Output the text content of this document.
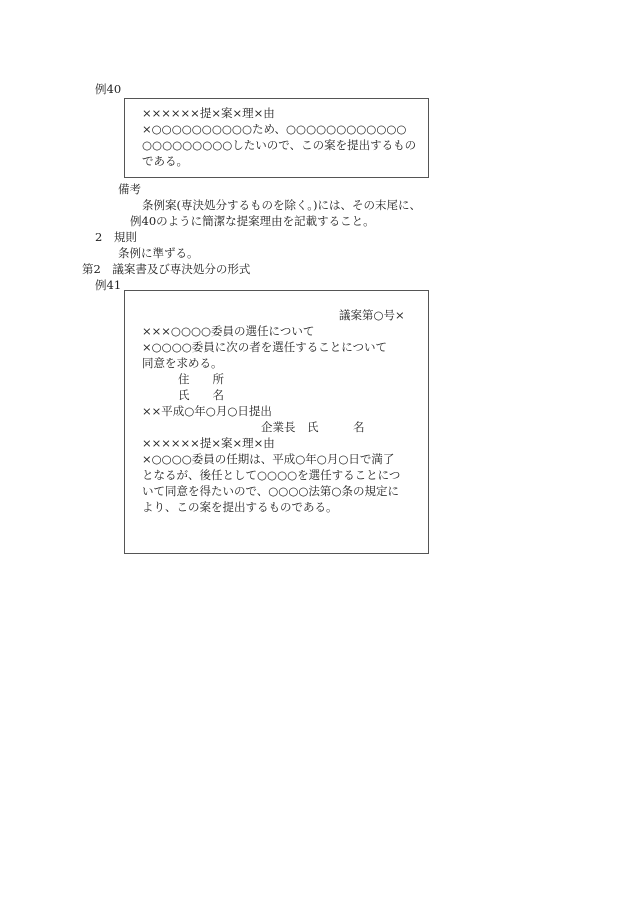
例40
××××××提×案×理×由
×○○○○○○○○○○ため、○○○○○○○○○○○○
○○○○○○○○○したいので、この案を提出するもの
である。
備考
条例案(専決処分するものを除く。)には、その末尾に、
例40のように簡潔な提案理由を記載すること。
2　規則
条例に準ずる。
第2　議案書及び専決処分の形式
例41
議案第○号×
×××○○○○委員の選任について
×○○○○委員に次の者を選任することについて
同意を求める。
住　　所
氏　　名
××平成○年○月○日提出
企業長　氏　　　名
××××××提×案×理×由
×○○○○委員の任期は、平成○年○月○日で満了
となるが、後任として○○○○を選任することにつ
いて同意を得たいので、○○○○法第○条の規定に
より、この案を提出するものである。
